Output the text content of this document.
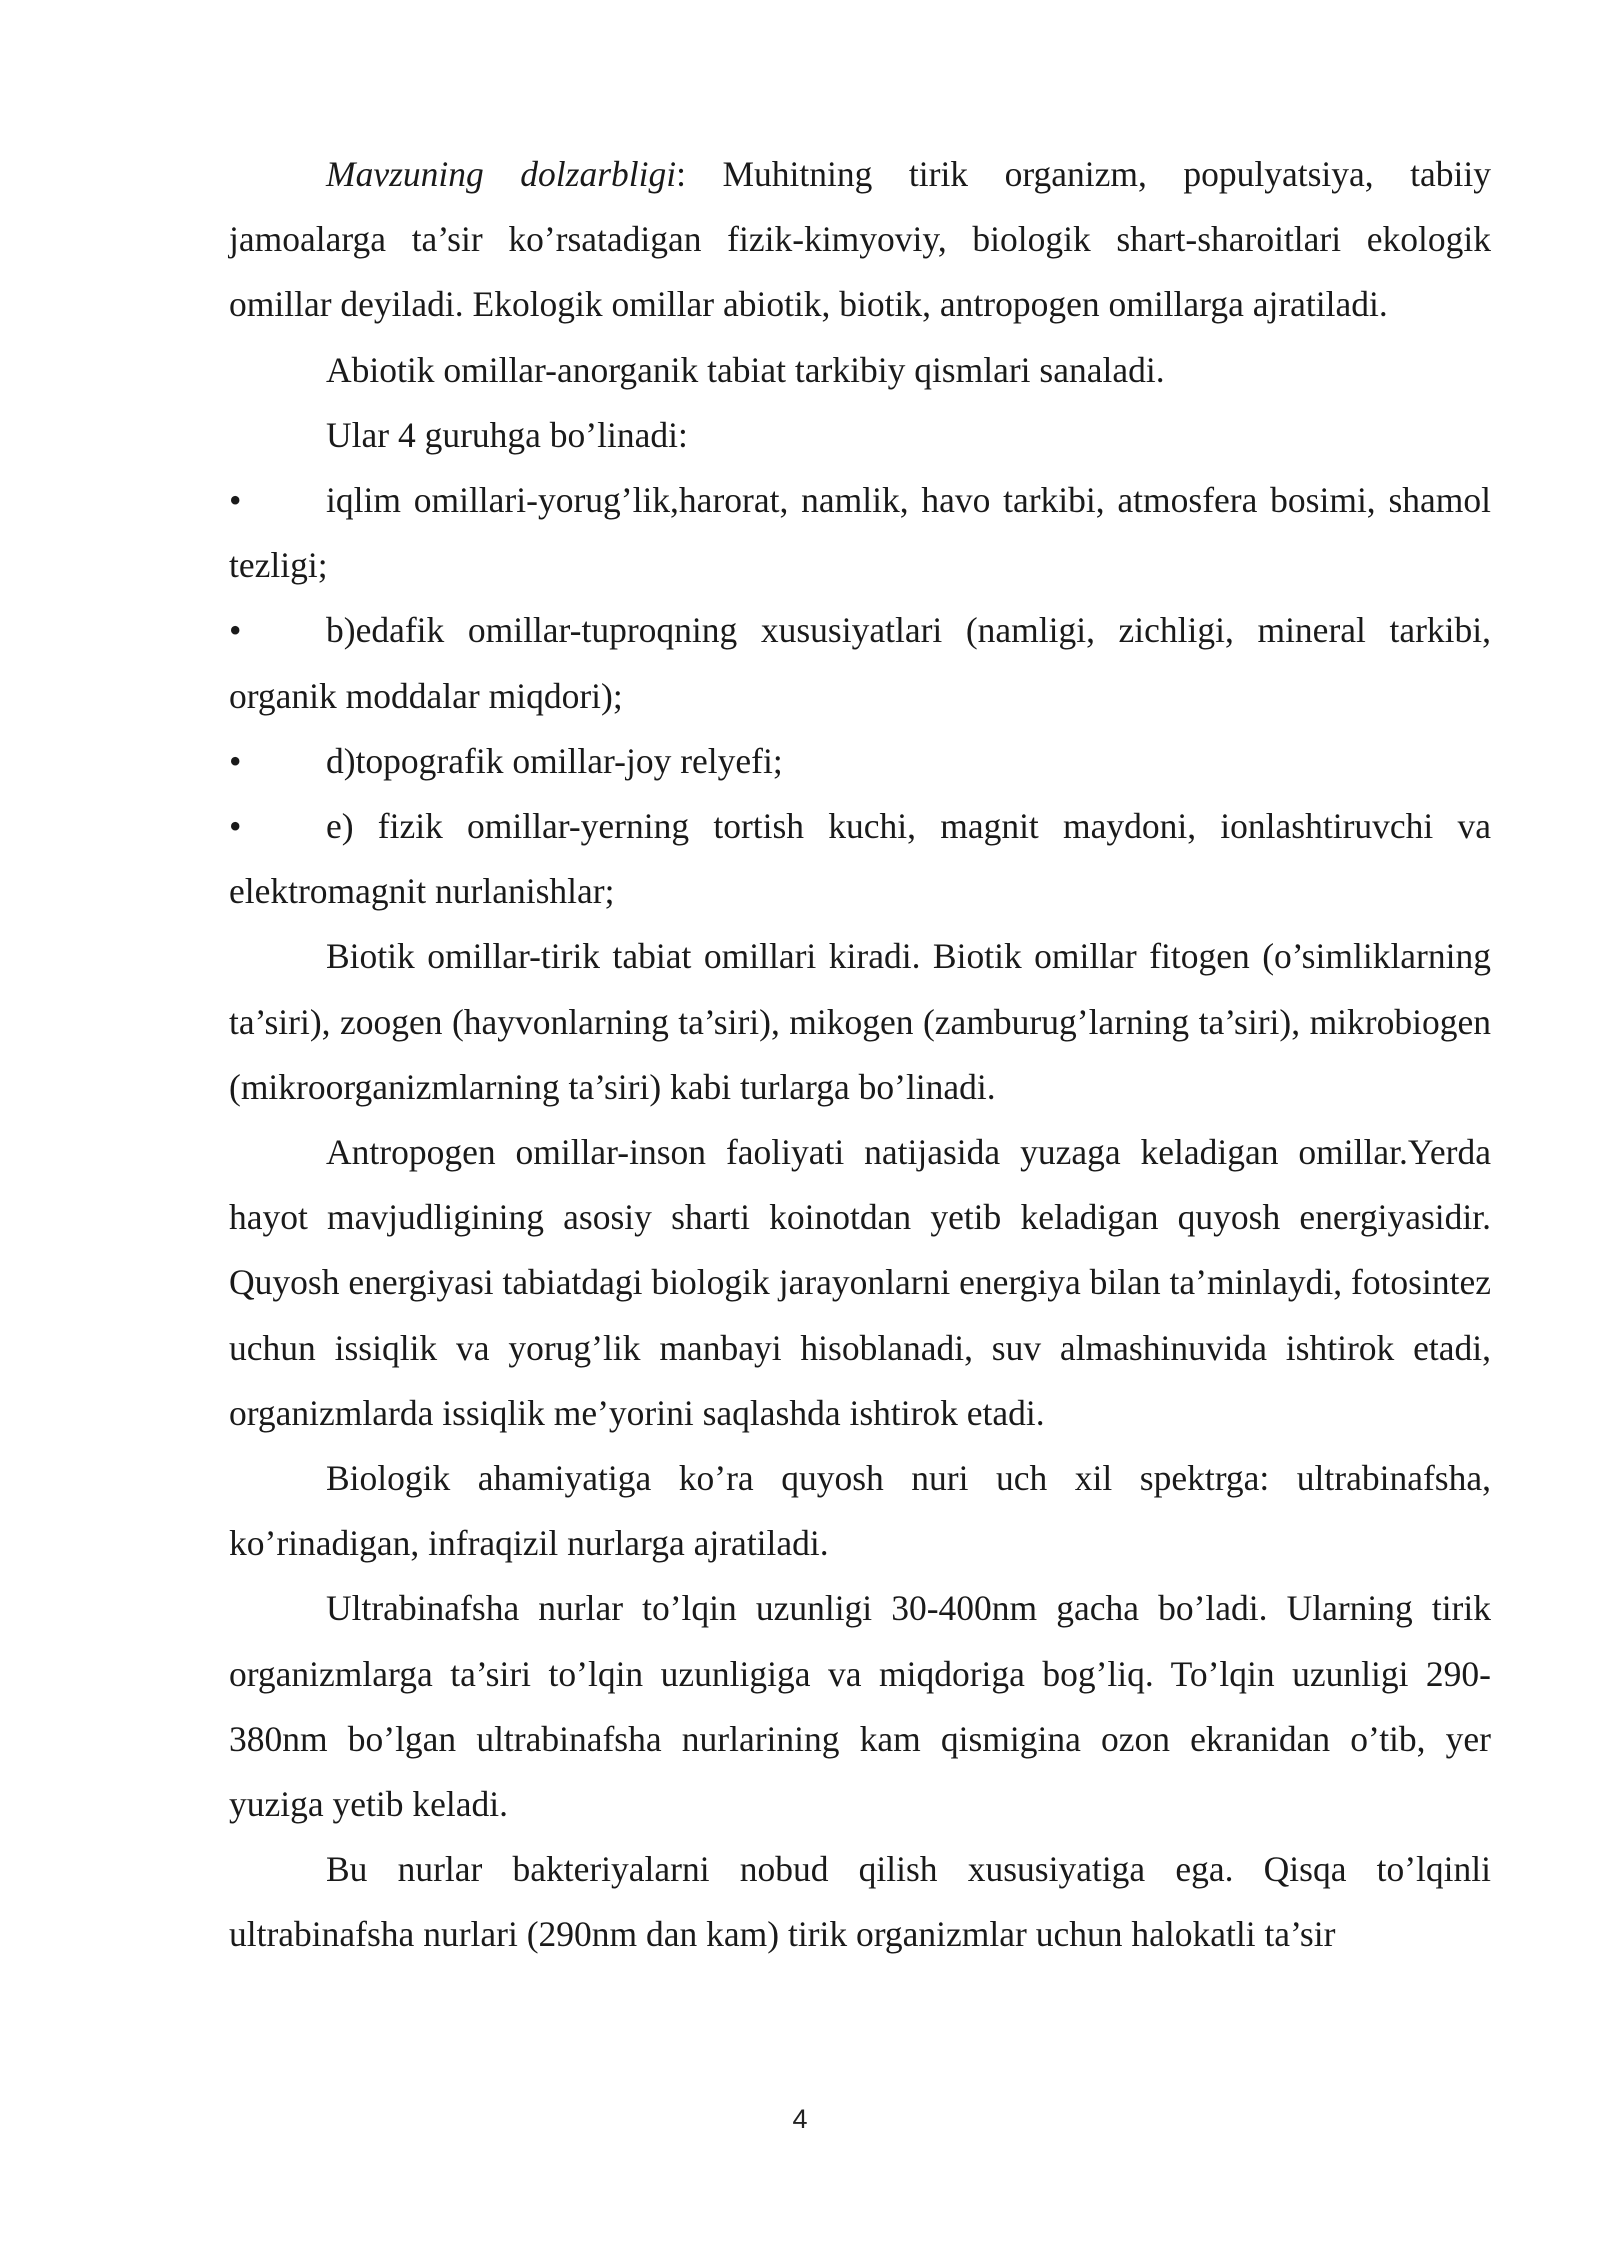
Mavzuning dolzarbligi: Muhitning tirik organizm, populyatsiya, tabiiy jamoalarga ta’sir ko’rsatadigan fizik-kimyoviy, biologik shart-sharoitlari ekologik omillar deyiladi. Ekologik omillar abiotik, biotik, antropogen omillarga ajratiladi.

Abiotik omillar-anorganik tabiat tarkibiy qismlari sanaladi.

Ular 4 guruhga bo’linadi:

• iqlim omillari-yorug’lik,harorat, namlik, havo tarkibi, atmosfera bosimi, shamol tezligi;

• b)edafik omillar-tuproqning xususiyatlari (namligi, zichligi, mineral tarkibi, organik moddalar miqdori);

• d)topografik omillar-joy relyefi;

• e) fizik omillar-yerning tortish kuchi, magnit maydoni, ionlashtiruvchi va elektromagnit nurlanishlar;

Biotik omillar-tirik tabiat omillari kiradi. Biotik omillar fitogen (o’simliklarning ta’siri), zoogen (hayvonlarning ta’siri), mikogen (zamburug’larning ta’siri), mikrobiogen (mikroorganizmlarning ta’siri) kabi turlarga bo’linadi.

Antropogen omillar-inson faoliyati natijasida yuzaga keladigan omillar.Yerda hayot mavjudligining asosiy sharti koinotdan yetib keladigan quyosh energiyasidir. Quyosh energiyasi tabiatdagi biologik jarayonlarni energiya bilan ta’minlaydi, fotosintez uchun issiqlik va yorug’lik manbayi hisoblanadi, suv almashinuvida ishtirok etadi, organizmlarda issiqlik me’yorini saqlashda ishtirok etadi.

Biologik ahamiyatiga ko’ra quyosh nuri uch xil spektrga: ultrabinafsha, ko’rinadigan, infraqizil nurlarga ajratiladi.

Ultrabinafsha nurlar to’lqin uzunligi 30-400nm gacha bo’ladi. Ularning tirik organizmlarga ta’siri to’lqin uzunligiga va miqdoriga bog’liq. To’lqin uzunligi 290-380nm bo’lgan ultrabinafsha nurlarining kam qismigina ozon ekranidan o’tib, yer yuziga yetib keladi.

Bu nurlar bakteriyalarni nobud qilish xususiyatiga ega. Qisqa to’lqinli ultrabinafsha nurlari (290nm dan kam) tirik organizmlar uchun halokatli ta’sir

4
